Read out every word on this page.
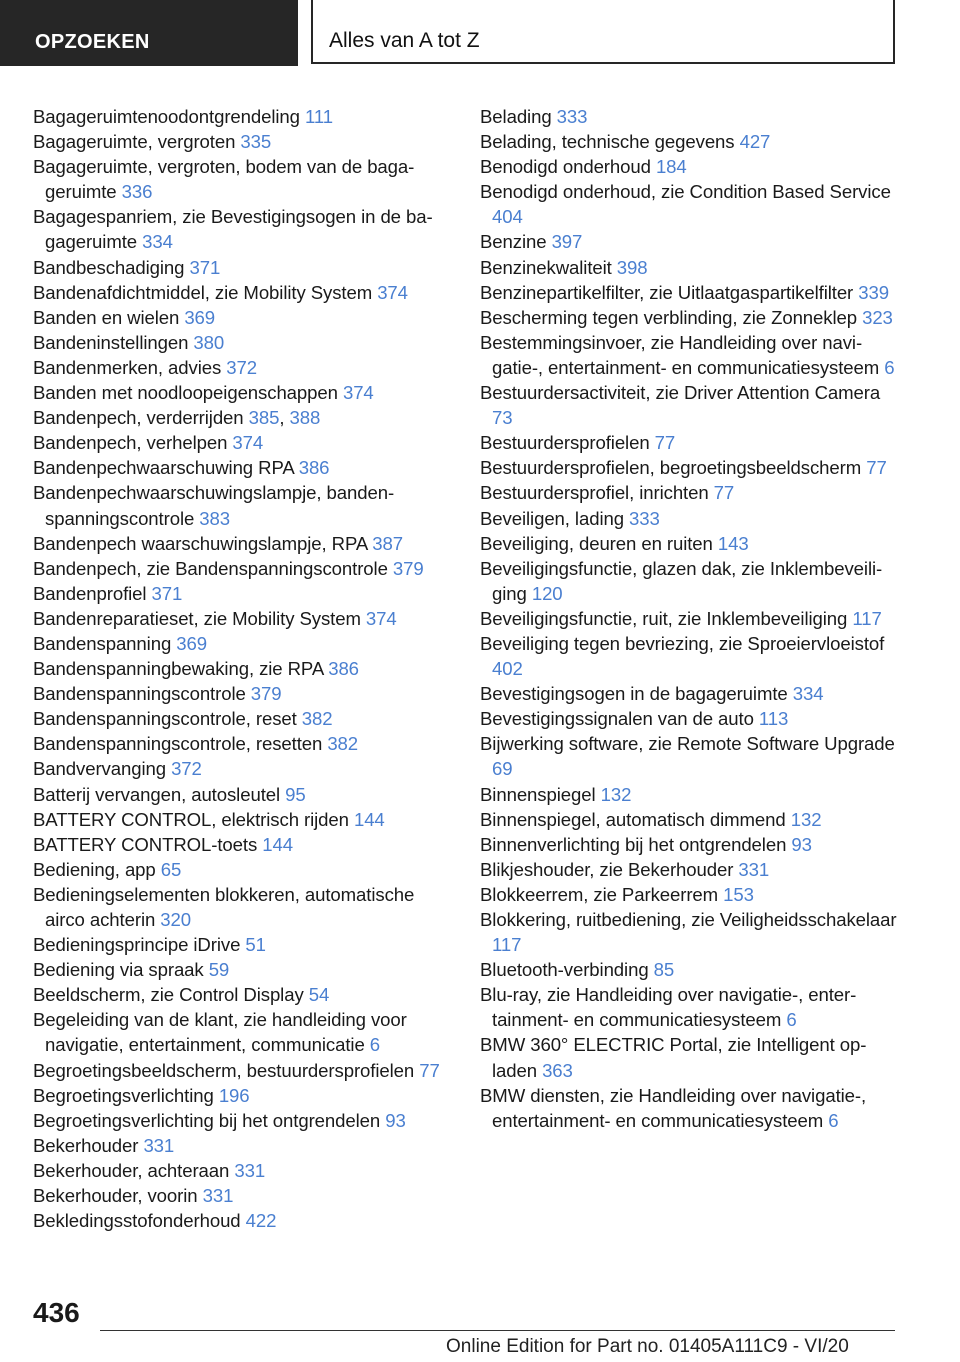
OPZOEKEN	Alles van A tot Z
Bagageruimtenoodontgrendeling 111
Bagageruimte, vergroten 335
Bagageruimte, vergroten, bodem van de bagageruimte 336
Bagagespanriem, zie Bevestigingsogen in de bagageruimte 334
Bandbeschadiging 371
Bandenafdichtmiddel, zie Mobility System 374
Banden en wielen 369
Bandeninstellingen 380
Bandenmerken, advies 372
Banden met noodloopeigenschappen 374
Bandenpech, verderrijden 385, 388
Bandenpech, verhelpen 374
Bandenpechwaarschuwing RPA 386
Bandenpechwaarschuwingslampje, bandenspanningscontrole 383
Bandenpech waarschuwingslampje, RPA 387
Bandenpech, zie Bandenspanningscontrole 379
Bandenprofiel 371
Bandenreparatieset, zie Mobility System 374
Bandenspanning 369
Bandenspanningbewaking, zie RPA 386
Bandenspanningscontrole 379
Bandenspanningscontrole, reset 382
Bandenspanningscontrole, resetten 382
Bandvervanging 372
Batterij vervangen, autosleutel 95
BATTERY CONTROL, elektrisch rijden 144
BATTERY CONTROL-toets 144
Bediening, app 65
Bedieningselementen blokkeren, automatische airco achterin 320
Bedieningsprincipe iDrive 51
Bediening via spraak 59
Beeldscherm, zie Control Display 54
Begeleiding van de klant, zie handleiding voor navigatie, entertainment, communicatie 6
Begroetingsbeeldscherm, bestuurdersprofielen 77
Begroetingsverlichting 196
Begroetingsverlichting bij het ontgrendelen 93
Bekerhouder 331
Bekerhouder, achteraan 331
Bekerhouder, voorin 331
Bekledingsstofonderhoud 422
Belading 333
Belading, technische gegevens 427
Benodigd onderhoud 184
Benodigd onderhoud, zie Condition Based Service 404
Benzine 397
Benzinekwaliteit 398
Benzinepartikelfilter, zie Uitlaatgaspartikelfilter 339
Bescherming tegen verblinding, zie Zonneklep 323
Bestemmingsinvoer, zie Handleiding over navigatie-, entertainment- en communicatiesysteem 6
Bestuurdersactiviteit, zie Driver Attention Camera 73
Bestuurdersprofielen 77
Bestuurdersprofielen, begroetingsbeeldscherm 77
Bestuurdersprofiel, inrichten 77
Beveiligen, lading 333
Beveiliging, deuren en ruiten 143
Beveiligingsfunctie, glazen dak, zie Inklembeveiliging 120
Beveiligingsfunctie, ruit, zie Inklembeveiliging 117
Beveiliging tegen bevriezing, zie Sproeiervloeistof 402
Bevestigingsogen in de bagageruimte 334
Bevestigingssignalen van de auto 113
Bijwerking software, zie Remote Software Upgrade 69
Binnenspiegel 132
Binnenspiegel, automatisch dimmend 132
Binnenverlichting bij het ontgrendelen 93
Blikjeshouder, zie Bekerhouder 331
Blokkeerrem, zie Parkeerrem 153
Blokkering, ruitbediening, zie Veiligheidsschakelaar 117
Bluetooth-verbinding 85
Blu-ray, zie Handleiding over navigatie-, entertainment- en communicatiesysteem 6
BMW 360° ELECTRIC Portal, zie Intelligent opladen 363
BMW diensten, zie Handleiding over navigatie-, entertainment- en communicatiesysteem 6
436
Online Edition for Part no. 01405A111C9 - VI/20
